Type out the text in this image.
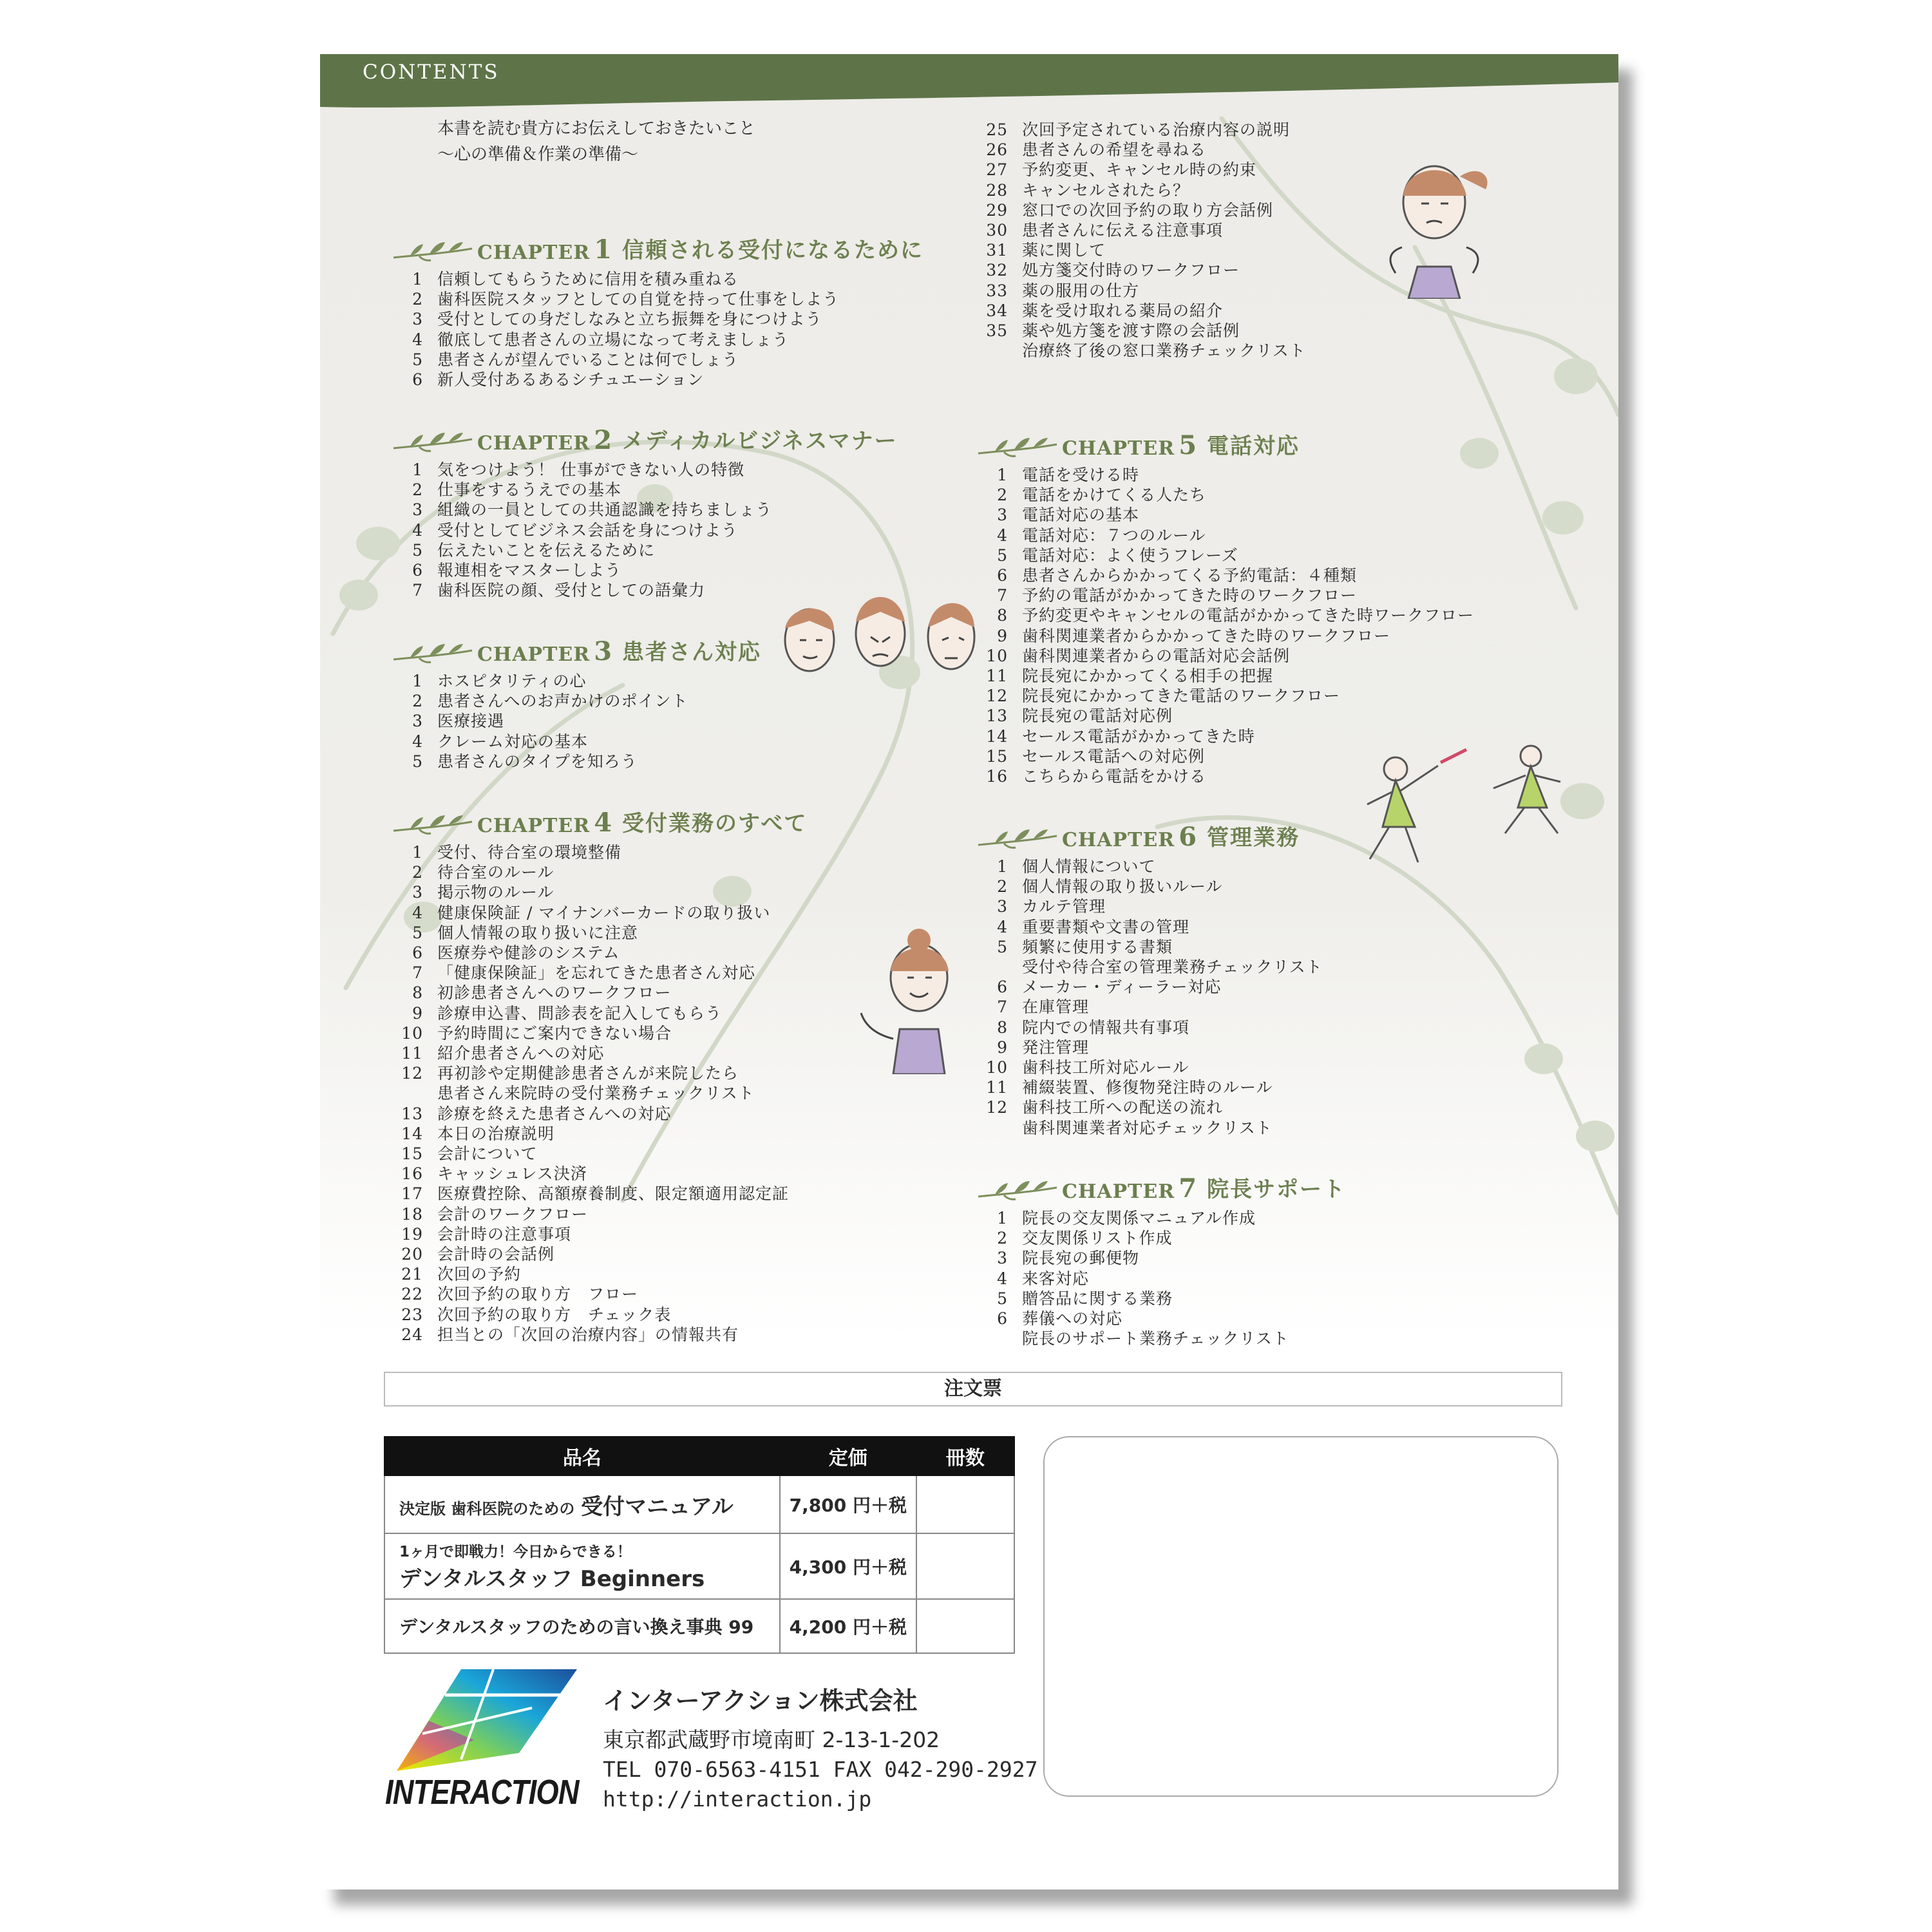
CONTENTS
本書を読む貴方にお伝えしておきたいこと
〜心の準備＆作業の準備〜
CHAPTER 1 信頼される受付になるために
1 信頼してもらうために信用を積み重ねる
2 歯科医院スタッフとしての自覚を持って仕事をしよう
3 受付としての身だしなみと立ち振舞を身につけよう
4 徹底して患者さんの立場になって考えましょう
5 患者さんが望んでいることは何でしょう
6 新人受付あるあるシチュエーション
CHAPTER 2 メディカルビジネスマナー
1 気をつけよう！ 仕事ができない人の特徴
2 仕事をするうえでの基本
3 組織の一員としての共通認識を持ちましょう
4 受付としてビジネス会話を身につけよう
5 伝えたいことを伝えるために
6 報連相をマスターしよう
7 歯科医院の顔、受付としての語彙力
CHAPTER 3 患者さん対応
1 ホスピタリティの心
2 患者さんへのお声かけのポイント
3 医療接遇
4 クレーム対応の基本
5 患者さんのタイプを知ろう
CHAPTER 4 受付業務のすべて
1 受付、待合室の環境整備
2 待合室のルール
3 掲示物のルール
4 健康保険証 / マイナンバーカードの取り扱い
5 個人情報の取り扱いに注意
6 医療券や健診のシステム
7 「健康保険証」を忘れてきた患者さん対応
8 初診患者さんへのワークフロー
9 診療申込書、問診表を記入してもらう
10 予約時間にご案内できない場合
11 紹介患者さんへの対応
12 再初診や定期健診患者さんが来院したら
患者さん来院時の受付業務チェックリスト
13 診療を終えた患者さんへの対応
14 本日の治療説明
15 会計について
16 キャッシュレス決済
17 医療費控除、高額療養制度、限定額適用認定証
18 会計のワークフロー
19 会計時の注意事項
20 会計時の会話例
21 次回の予約
22 次回予約の取り方　フロー
23 次回予約の取り方　チェック表
24 担当との「次回の治療内容」の情報共有
25 次回予定されている治療内容の説明
26 患者さんの希望を尋ねる
27 予約変更、キャンセル時の約束
28 キャンセルされたら？
29 窓口での次回予約の取り方会話例
30 患者さんに伝える注意事項
31 薬に関して
32 処方箋交付時のワークフロー
33 薬の服用の仕方
34 薬を受け取れる薬局の紹介
35 薬や処方箋を渡す際の会話例
治療終了後の窓口業務チェックリスト
CHAPTER 5 電話対応
1 電話を受ける時
2 電話をかけてくる人たち
3 電話対応の基本
4 電話対応：７つのルール
5 電話対応：よく使うフレーズ
6 患者さんからかかってくる予約電話：４種類
7 予約の電話がかかってきた時のワークフロー
8 予約変更やキャンセルの電話がかかってきた時ワークフロー
9 歯科関連業者からかかってきた時のワークフロー
10 歯科関連業者からの電話対応会話例
11 院長宛にかかってくる相手の把握
12 院長宛にかかってきた電話のワークフロー
13 院長宛の電話対応例
14 セールス電話がかかってきた時
15 セールス電話への対応例
16 こちらから電話をかける
CHAPTER 6 管理業務
1 個人情報について
2 個人情報の取り扱いルール
3 カルテ管理
4 重要書類や文書の管理
5 頻繁に使用する書類
受付や待合室の管理業務チェックリスト
6 メーカー・ディーラー対応
7 在庫管理
8 院内での情報共有事項
9 発注管理
10 歯科技工所対応ルール
11 補綴装置、修復物発注時のルール
12 歯科技工所への配送の流れ
歯科関連業者対応チェックリスト
CHAPTER 7 院長サポート
1 院長の交友関係マニュアル作成
2 交友関係リスト作成
3 院長宛の郵便物
4 来客対応
5 贈答品に関する業務
6 葬儀への対応
院長のサポート業務チェックリスト
注文票
品名	定価	冊数
決定版 歯科医院のための 受付マニュアル	7,800 円＋税	

1ヶ月で即戦力！今日からできる！
デンタルスタッフ Beginners	4,300 円＋税	
デンタルスタッフのための言い換え事典 99	4,200 円＋税	
INTERACTION
インターアクション株式会社
東京都武蔵野市境南町 2-13-1-202
TEL 070-6563-4151 FAX 042-290-2927
http://interaction.jp
